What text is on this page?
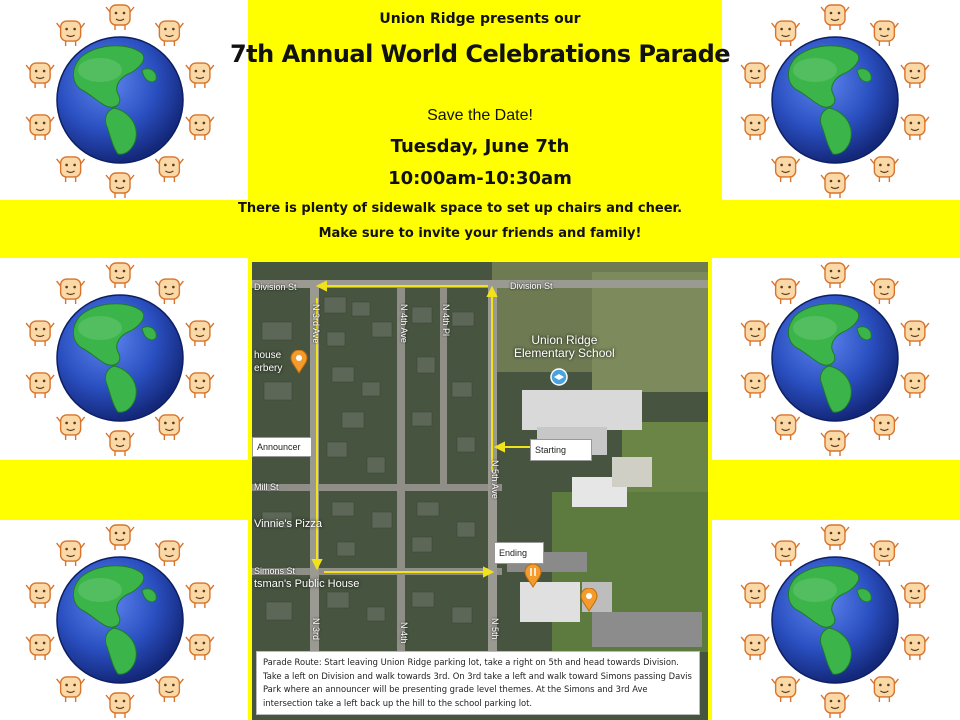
Union Ridge presents our
7th Annual World Celebrations Parade
Save the Date!
Tuesday, June 7th
10:00am-10:30am
There is plenty of sidewalk space to set up chairs and cheer.
Make sure to invite your friends and family!
Division St	Division St
N 3rd Ave	N 4th Ave	N 4th Pl
N 5th Ave
Mill St
Simons St
N 3rd	N 4th	N 5th
Union Ridge
Elementary School
Vinnie's Pizza
tsman's Public House
house
erbery
Announcer	Starting
Ending
Parade Route: Start leaving Union Ridge parking lot, take a right on 5th and head towards Division. Take a left on Division and walk towards 3rd. On 3rd take a left and walk toward Simons passing Davis Park where an announcer will be presenting grade level themes. At the Simons and 3rd Ave intersection take a left back up the hill to the school parking lot.
